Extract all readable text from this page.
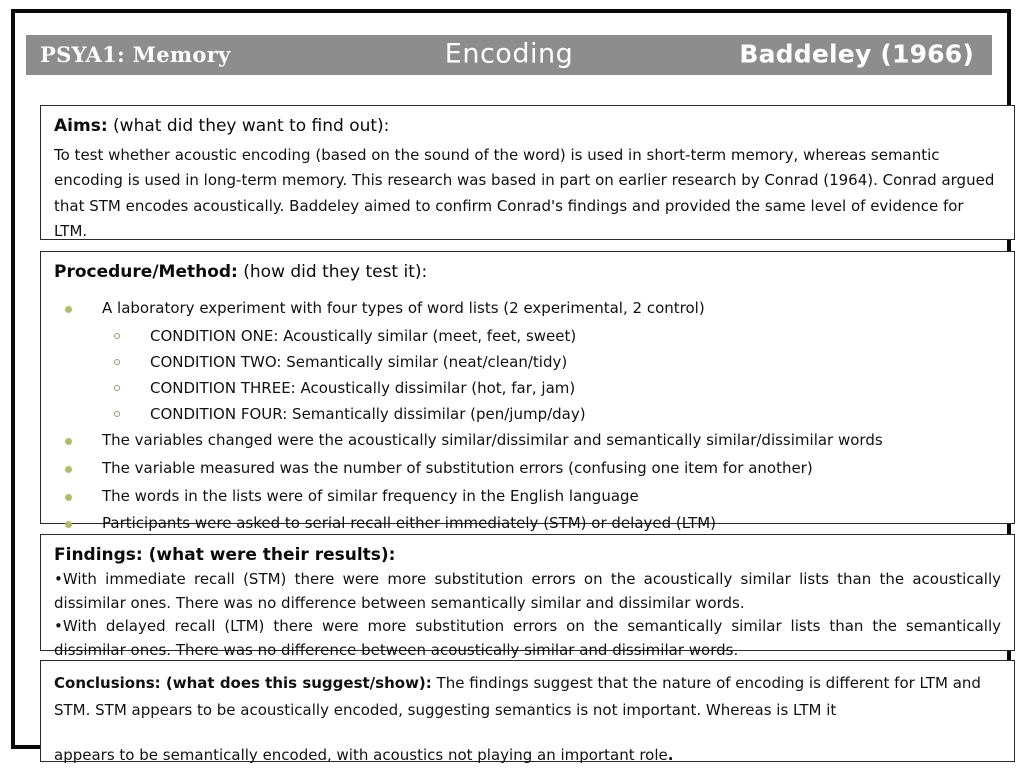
PSYA1: Memory	Encoding	Baddeley (1966)

Aims: (what did they want to find out):

To test whether acoustic encoding (based on the sound of the word) is used in short-term memory, whereas semantic encoding is used in long-term memory. This research was based in part on earlier research by Conrad (1964). Conrad argued that STM encodes acoustically. Baddeley aimed to confirm Conrad's findings and provided the same level of evidence for LTM.

Procedure/Method: (how did they test it):

A laboratory experiment with four types of word lists (2 experimental, 2 control)
CONDITION ONE: Acoustically similar (meet, feet, sweet)
CONDITION TWO: Semantically similar (neat/clean/tidy)
CONDITION THREE: Acoustically dissimilar (hot, far, jam)
CONDITION FOUR: Semantically dissimilar (pen/jump/day)
The variables changed were the acoustically similar/dissimilar and semantically similar/dissimilar words
The variable measured was the number of substitution errors (confusing one item for another)
The words in the lists were of similar frequency in the English language
Participants were asked to serial recall either immediately (STM) or delayed (LTM)

Findings: (what were their results):

•With immediate recall (STM) there were more substitution errors on the acoustically similar lists than the acoustically dissimilar ones. There was no difference between semantically similar and dissimilar words.

•With delayed recall (LTM) there were more substitution errors on the semantically similar lists than the semantically dissimilar ones. There was no difference between acoustically similar and dissimilar words.

Conclusions: (what does this suggest/show): The findings suggest that the nature of encoding is different for LTM and STM. STM appears to be acoustically encoded, suggesting semantics is not important. Whereas is LTM it

appears to be semantically encoded, with acoustics not playing an important role.
